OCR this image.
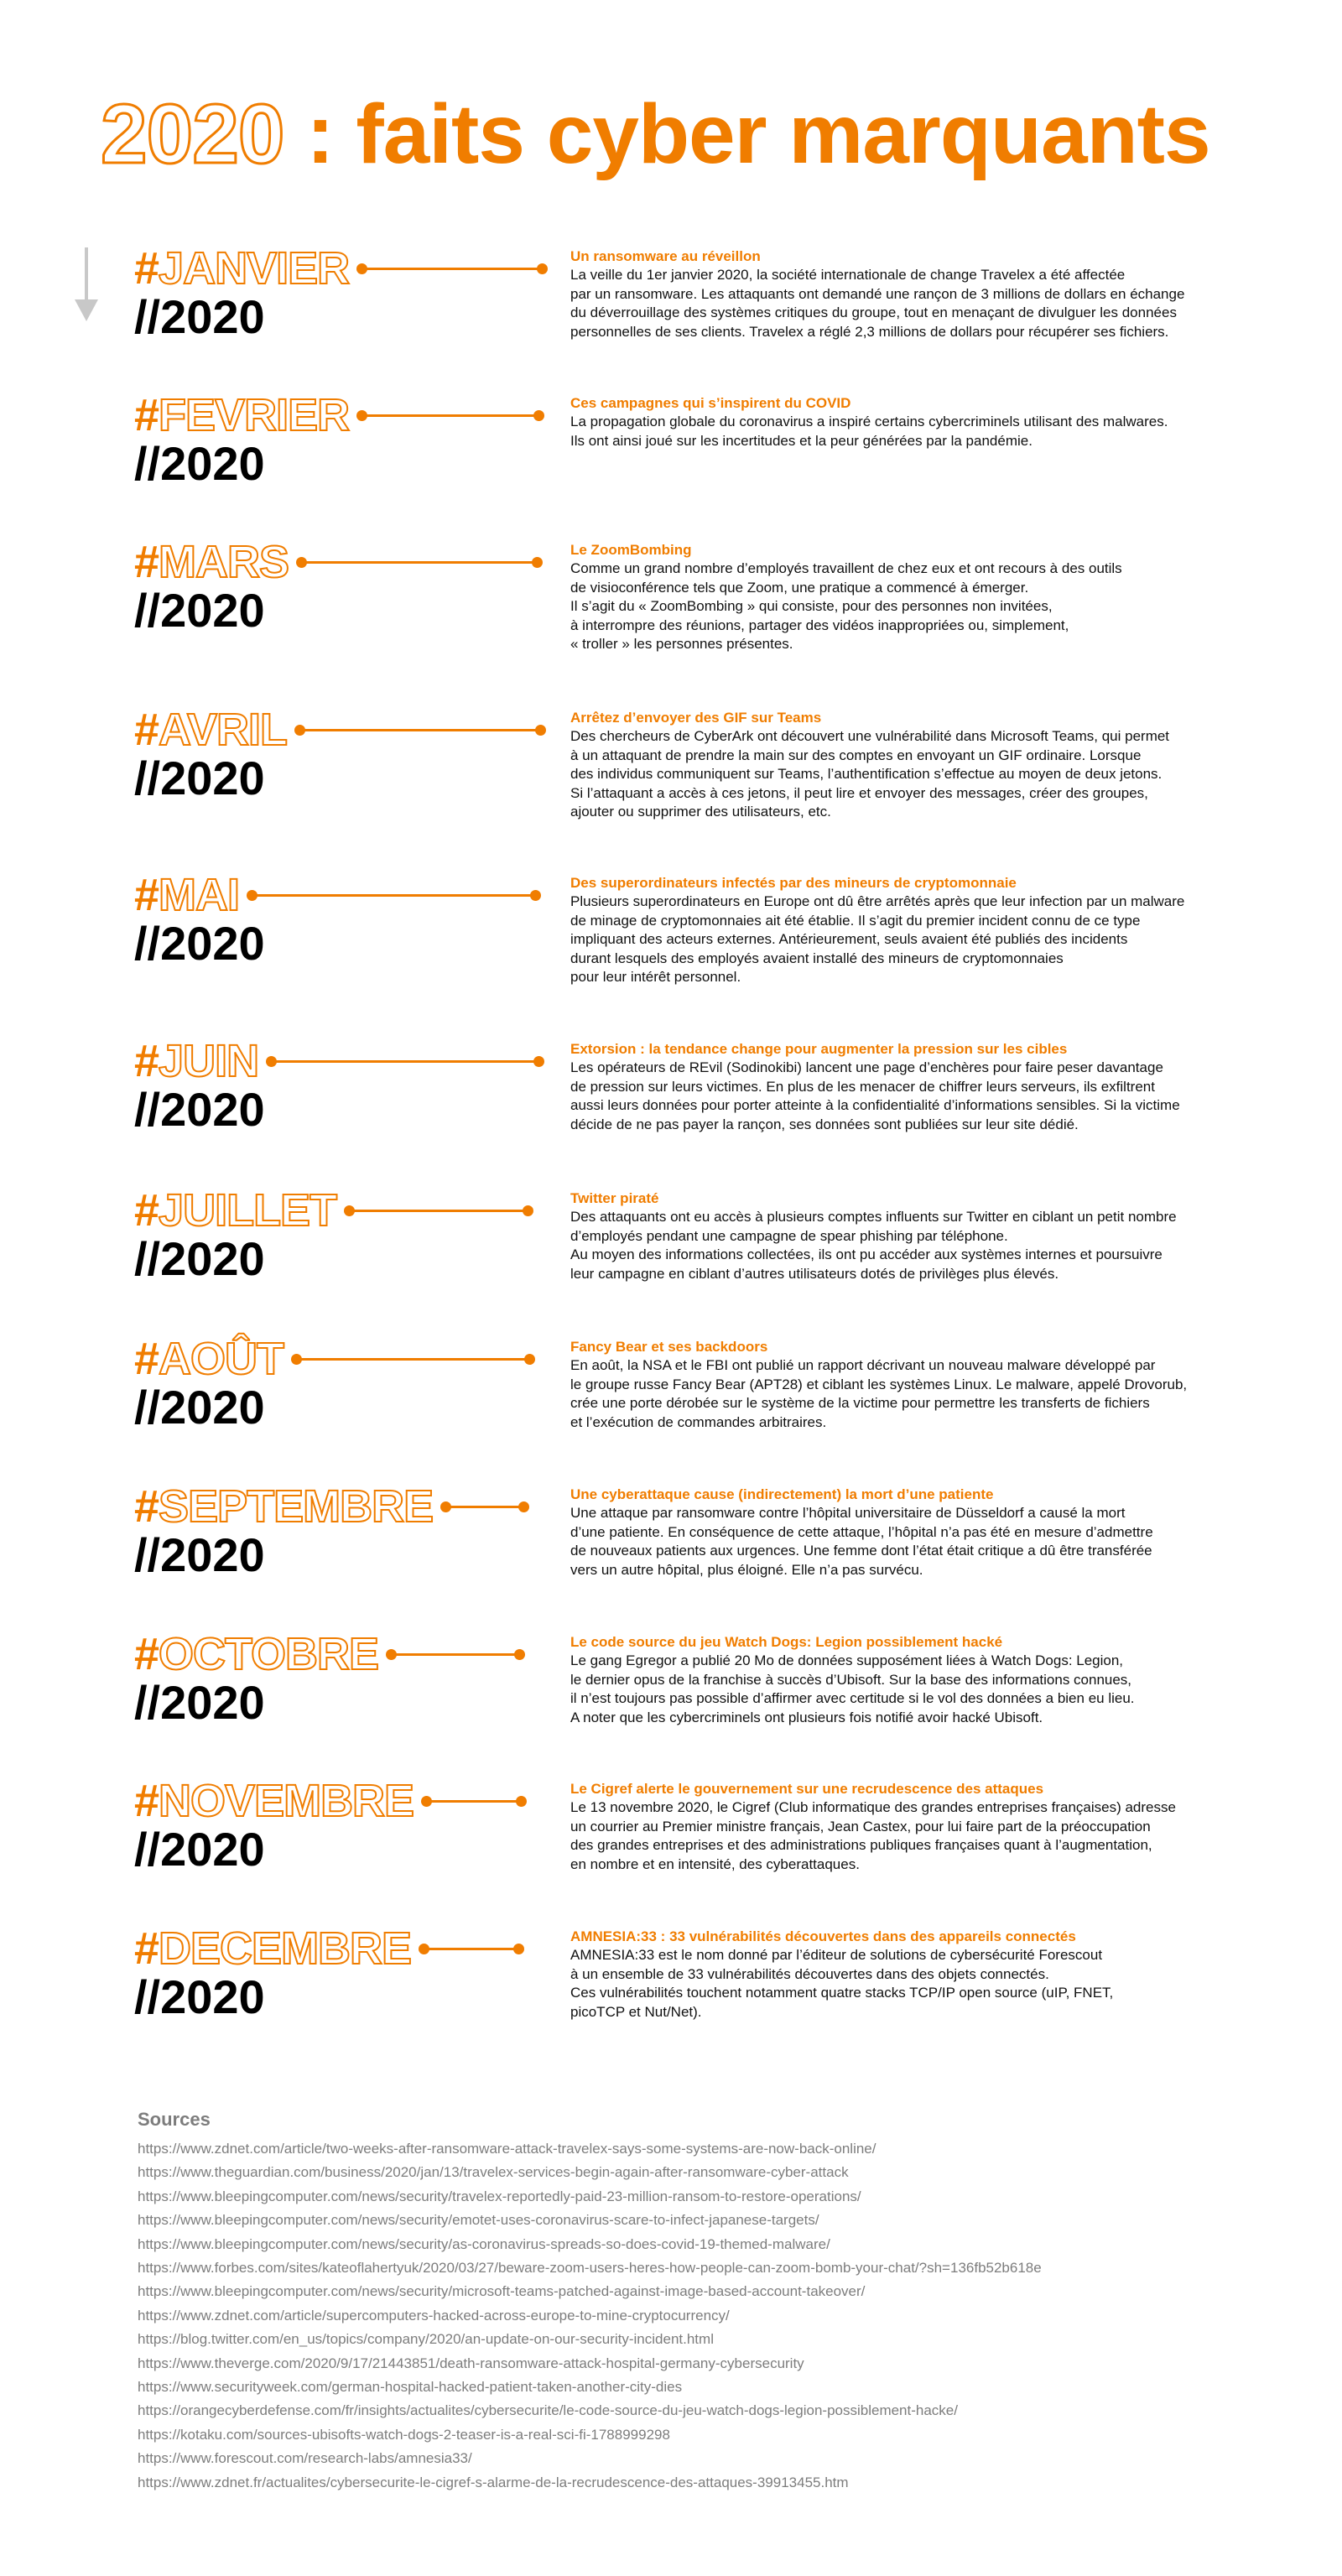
2020 : faits cyber marquants
# JANVIER
//2020

Un ransomware au réveillon

La veille du 1er janvier 2020, la société internationale de change Travelex a été affectée
par un ransomware. Les attaquants ont demandé une rançon de 3 millions de dollars en échange
du déverrouillage des systèmes critiques du groupe, tout en menaçant de divulguer les données
personnelles de ses clients. Travelex a réglé 2,3 millions de dollars pour récupérer ses fichiers.

# FEVRIER
//2020

Ces campagnes qui s’inspirent du COVID

La propagation globale du coronavirus a inspiré certains cybercriminels utilisant des malwares.
Ils ont ainsi joué sur les incertitudes et la peur générées par la pandémie.

# MARS
//2020

Le ZoomBombing

Comme un grand nombre d’employés travaillent de chez eux et ont recours à des outils
de visioconférence tels que Zoom, une pratique a commencé à émerger.
Il s’agit du « ZoomBombing » qui consiste, pour des personnes non invitées,
à interrompre des réunions, partager des vidéos inappropriées ou, simplement,
« troller » les personnes présentes.

# AVRIL
//2020

Arrêtez d’envoyer des GIF sur Teams

Des chercheurs de CyberArk ont découvert une vulnérabilité dans Microsoft Teams, qui permet
à un attaquant de prendre la main sur des comptes en envoyant un GIF ordinaire. Lorsque
des individus communiquent sur Teams, l’authentification s’effectue au moyen de deux jetons.
Si l’attaquant a accès à ces jetons, il peut lire et envoyer des messages, créer des groupes,
ajouter ou supprimer des utilisateurs, etc.

# MAI
//2020

Des superordinateurs infectés par des mineurs de cryptomonnaie

Plusieurs superordinateurs en Europe ont dû être arrêtés après que leur infection par un malware
de minage de cryptomonnaies ait été établie. Il s’agit du premier incident connu de ce type
impliquant des acteurs externes. Antérieurement, seuls avaient été publiés des incidents
durant lesquels des employés avaient installé des mineurs de cryptomonnaies
pour leur intérêt personnel.

# JUIN
//2020

Extorsion : la tendance change pour augmenter la pression sur les cibles

Les opérateurs de REvil (Sodinokibi) lancent une page d’enchères pour faire peser davantage
de pression sur leurs victimes. En plus de les menacer de chiffrer leurs serveurs, ils exfiltrent
aussi leurs données pour porter atteinte à la confidentialité d’informations sensibles. Si la victime
décide de ne pas payer la rançon, ses données sont publiées sur leur site dédié.

# JUILLET
//2020

Twitter piraté

Des attaquants ont eu accès à plusieurs comptes influents sur Twitter en ciblant un petit nombre
d’employés pendant une campagne de spear phishing par téléphone.
Au moyen des informations collectées, ils ont pu accéder aux systèmes internes et poursuivre
leur campagne en ciblant d’autres utilisateurs dotés de privilèges plus élevés.

# AOÛT
//2020

Fancy Bear et ses backdoors

En août, la NSA et le FBI ont publié un rapport décrivant un nouveau malware développé par
le groupe russe Fancy Bear (APT28) et ciblant les systèmes Linux. Le malware, appelé Drovorub,
crée une porte dérobée sur le système de la victime pour permettre les transferts de fichiers
et l’exécution de commandes arbitraires.

# SEPTEMBRE
//2020

Une cyberattaque cause (indirectement) la mort d’une patiente

Une attaque par ransomware contre l’hôpital universitaire de Düsseldorf a causé la mort
d’une patiente. En conséquence de cette attaque, l’hôpital n’a pas été en mesure d’admettre
de nouveaux patients aux urgences. Une femme dont l’état était critique a dû être transférée
vers un autre hôpital, plus éloigné. Elle n’a pas survécu.

# OCTOBRE
//2020

Le code source du jeu Watch Dogs: Legion possiblement hacké

Le gang Egregor a publié 20 Mo de données supposément liées à Watch Dogs: Legion,
le dernier opus de la franchise à succès d’Ubisoft. Sur la base des informations connues,
il n’est toujours pas possible d’affirmer avec certitude si le vol des données a bien eu lieu.
A noter que les cybercriminels ont plusieurs fois notifié avoir hacké Ubisoft.

# NOVEMBRE
//2020

Le Cigref alerte le gouvernement sur une recrudescence des attaques

Le 13 novembre 2020, le Cigref (Club informatique des grandes entreprises françaises) adresse
un courrier au Premier ministre français, Jean Castex, pour lui faire part de la préoccupation
des grandes entreprises et des administrations publiques françaises quant à l’augmentation,
en nombre et en intensité, des cyberattaques.

# DECEMBRE
//2020

AMNESIA:33 : 33 vulnérabilités découvertes dans des appareils connectés

AMNESIA:33 est le nom donné par l’éditeur de solutions de cybersécurité Forescout
à un ensemble de 33 vulnérabilités découvertes dans des objets connectés.
Ces vulnérabilités touchent notamment quatre stacks TCP/IP open source (uIP, FNET,
picoTCP et Nut/Net).

Sources
https://www.zdnet.com/article/two-weeks-after-ransomware-attack-travelex-says-some-systems-are-now-back-online/
https://www.theguardian.com/business/2020/jan/13/travelex-services-begin-again-after-ransomware-cyber-attack
https://www.bleepingcomputer.com/news/security/travelex-reportedly-paid-23-million-ransom-to-restore-operations/
https://www.bleepingcomputer.com/news/security/emotet-uses-coronavirus-scare-to-infect-japanese-targets/
https://www.bleepingcomputer.com/news/security/as-coronavirus-spreads-so-does-covid-19-themed-malware/
https://www.forbes.com/sites/kateoflahertyuk/2020/03/27/beware-zoom-users-heres-how-people-can-zoom-bomb-your-chat/?sh=136fb52b618e
https://www.bleepingcomputer.com/news/security/microsoft-teams-patched-against-image-based-account-takeover/
https://www.zdnet.com/article/supercomputers-hacked-across-europe-to-mine-cryptocurrency/
https://blog.twitter.com/en_us/topics/company/2020/an-update-on-our-security-incident.html
https://www.theverge.com/2020/9/17/21443851/death-ransomware-attack-hospital-germany-cybersecurity
https://www.securityweek.com/german-hospital-hacked-patient-taken-another-city-dies
https://orangecyberdefense.com/fr/insights/actualites/cybersecurite/le-code-source-du-jeu-watch-dogs-legion-possiblement-hacke/
https://kotaku.com/sources-ubisofts-watch-dogs-2-teaser-is-a-real-sci-fi-1788999298
https://www.forescout.com/research-labs/amnesia33/
https://www.zdnet.fr/actualites/cybersecurite-le-cigref-s-alarme-de-la-recrudescence-des-attaques-39913455.htm
